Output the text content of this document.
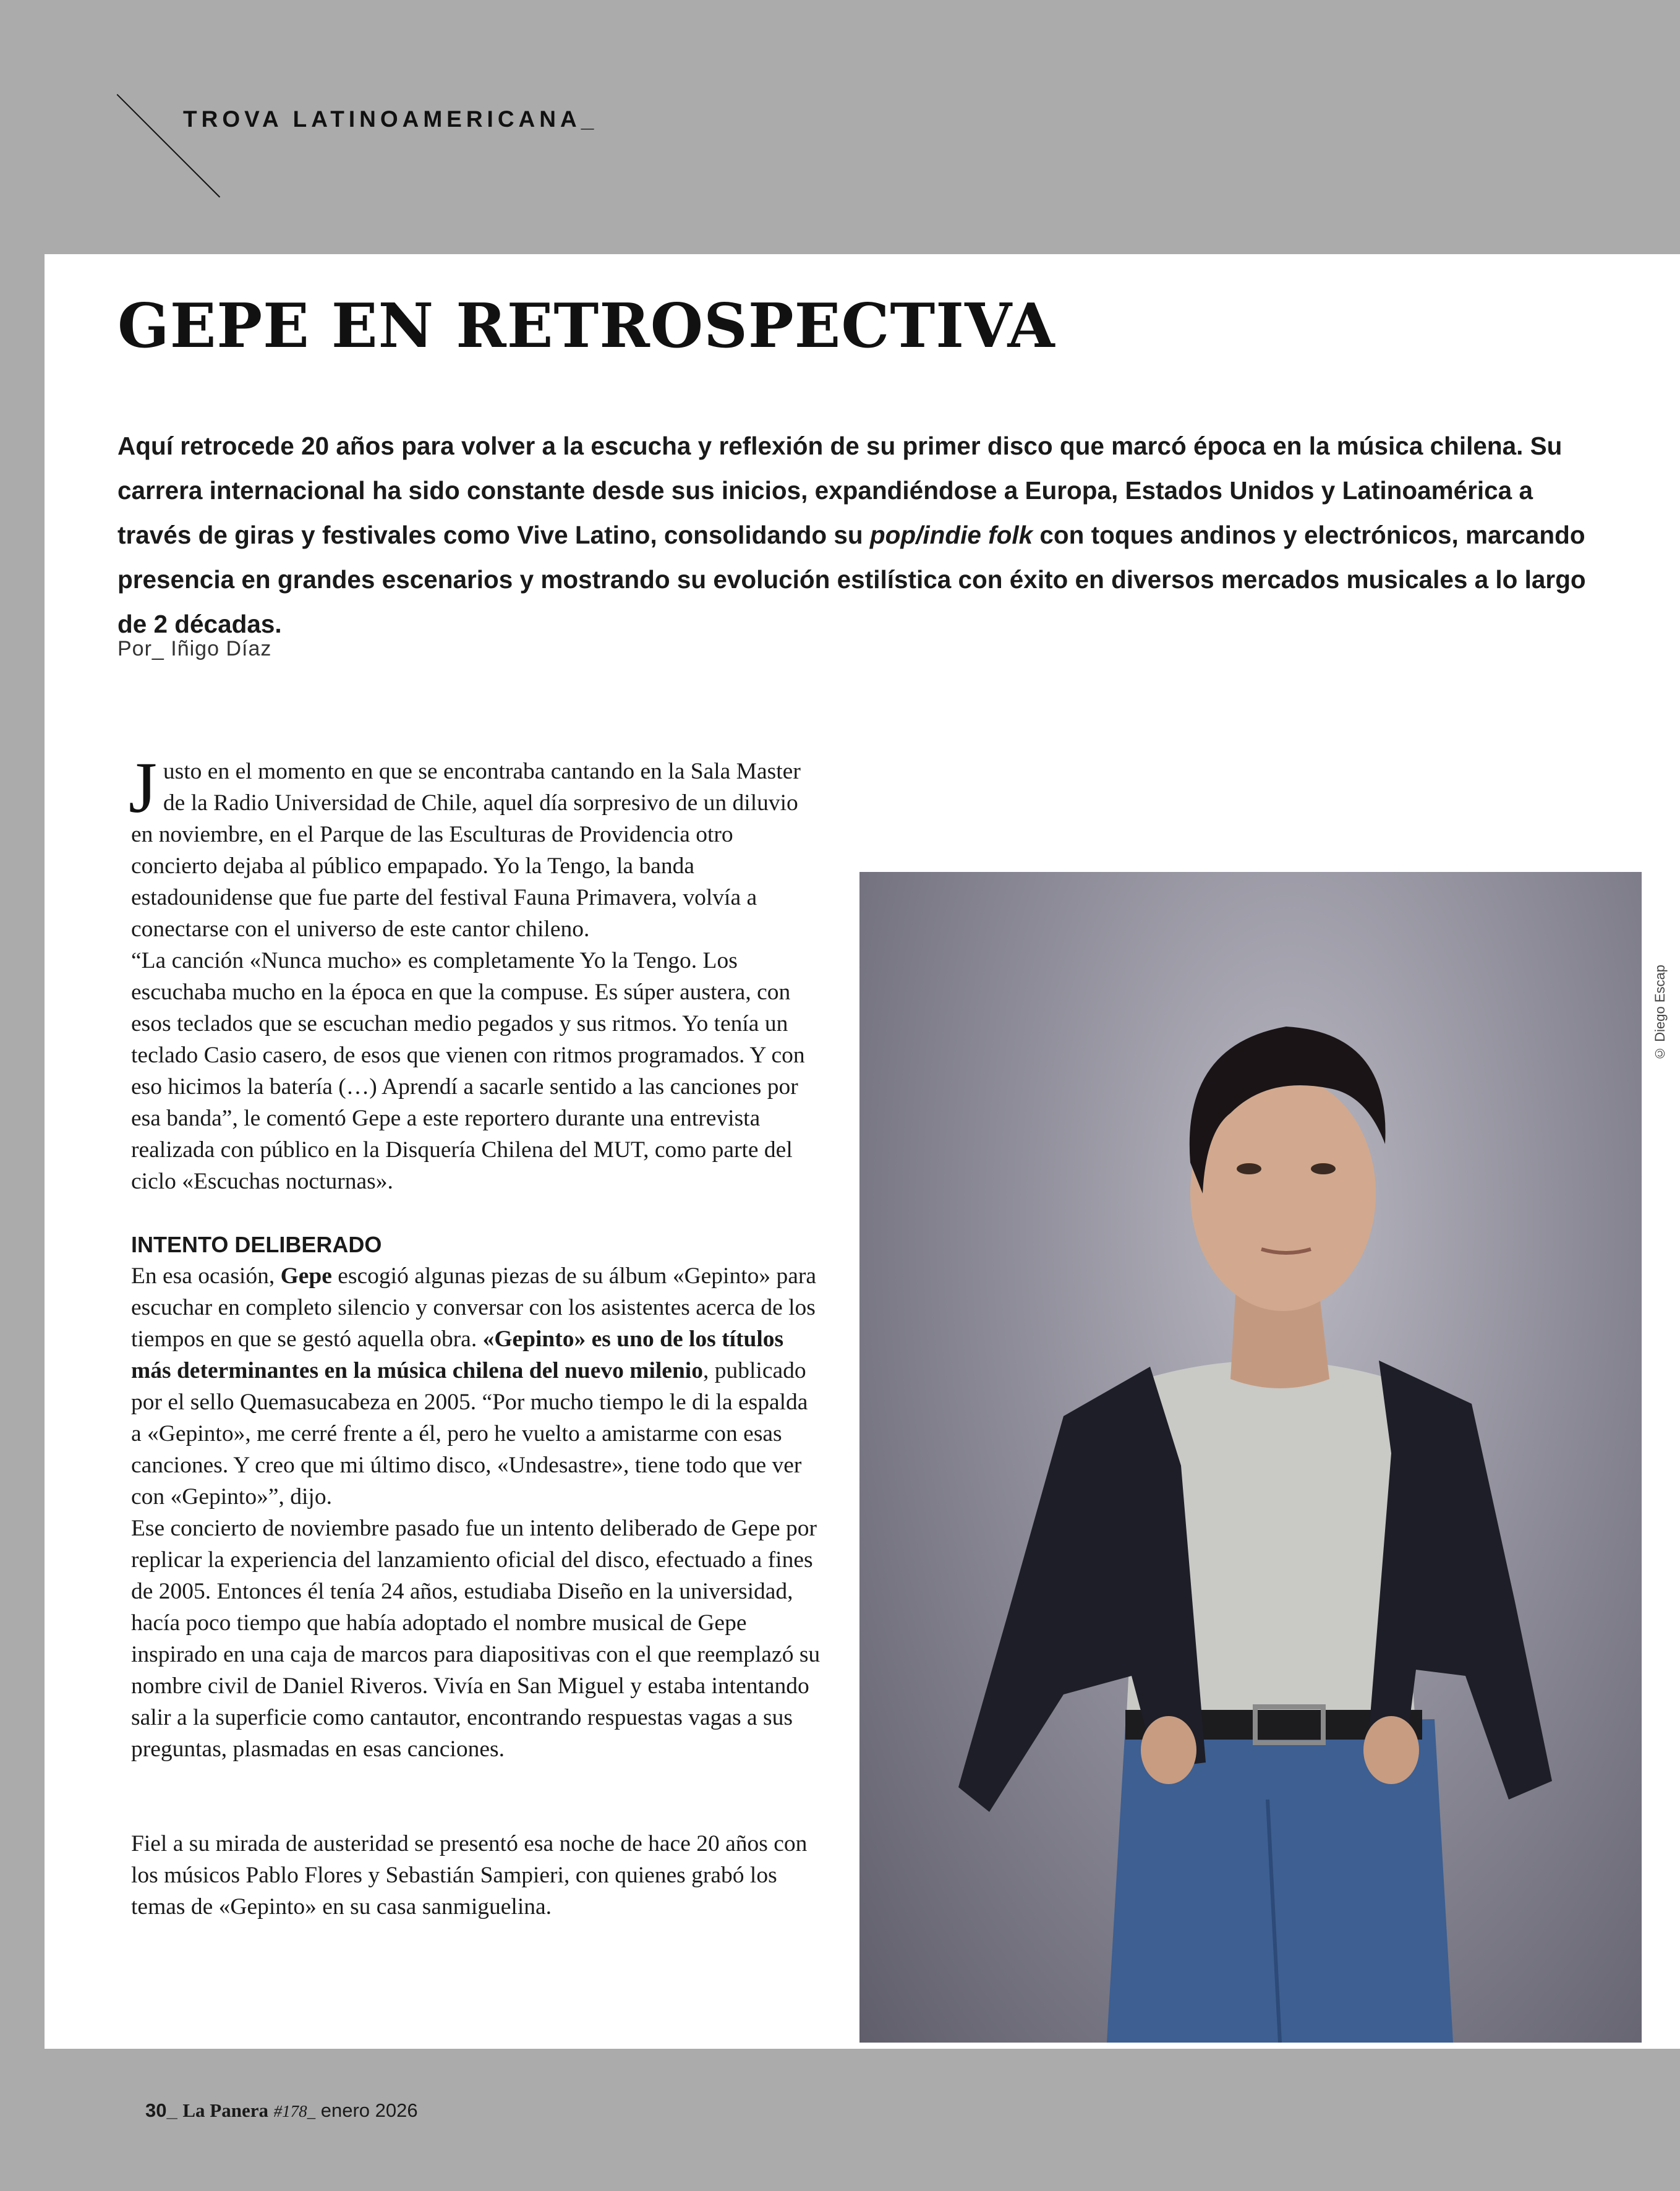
TROVA LATINOAMERICANA_
GEPE EN RETROSPECTIVA

Aquí retrocede 20 años para volver a la escucha y reflexión de su primer disco que marcó época en la música chilena. Su carrera internacional ha sido constante desde sus inicios, expandiéndose a Europa, Estados Unidos y Latinoamérica a través de giras y festivales como Vive Latino, consolidando su pop/indie folk con toques andinos y electrónicos, marcando presencia en grandes escenarios y mostrando su evolución estilística con éxito en diversos mercados musicales a lo largo de 2 décadas.

Por_ Iñigo Díaz

Justo en el momento en que se encontraba cantando en la Sala Master de la Radio Universidad de Chile, aquel día sorpresivo de un diluvio en noviembre, en el Parque de las Esculturas de Providencia otro concierto dejaba al público empapado. Yo la Tengo, la banda estadounidense que fue parte del festival Fauna Primavera, volvía a conectarse con el universo de este cantor chileno.

“La canción «Nunca mucho» es completamente Yo la Tengo. Los escuchaba mucho en la época en que la compuse. Es súper austera, con esos teclados que se escuchan medio pegados y sus ritmos. Yo tenía un teclado Casio casero, de esos que vienen con ritmos programados. Y con eso hicimos la batería (…) Aprendí a sacarle sentido a las canciones por esa banda”, le comentó Gepe a este reportero durante una entrevista realizada con público en la Disquería Chilena del MUT, como parte del ciclo «Escuchas nocturnas».

INTENTO DELIBERADO

En esa ocasión, Gepe escogió algunas piezas de su álbum «Gepinto» para escuchar en completo silencio y conversar con los asistentes acerca de los tiempos en que se gestó aquella obra. «Gepinto» es uno de los títulos más determinantes en la música chilena del nuevo milenio, publicado por el sello Quemasucabeza en 2005. “Por mucho tiempo le di la espalda a «Gepinto», me cerré frente a él, pero he vuelto a amistarme con esas canciones. Y creo que mi último disco, «Undesastre», tiene todo que ver con «Gepinto»”, dijo.

Ese concierto de noviembre pasado fue un intento deliberado de Gepe por replicar la experiencia del lanzamiento oficial del disco, efectuado a fines de 2005. Entonces él tenía 24 años, estudiaba Diseño en la universidad, hacía poco tiempo que había adoptado el nombre musical de Gepe inspirado en una caja de marcos para diapositivas con el que reemplazó su nombre civil de Daniel Riveros. Vivía en San Miguel y estaba intentando salir a la superficie como cantautor, encontrando respuestas vagas a sus preguntas, plasmadas en esas canciones.

Fiel a su mirada de austeridad se presentó esa noche de hace 20 años con los músicos Pablo Flores y Sebastián Sampieri, con quienes grabó los temas de «Gepinto» en su casa sanmiguelina.

© Diego Escap
30_ La Panera #178_ enero 2026
